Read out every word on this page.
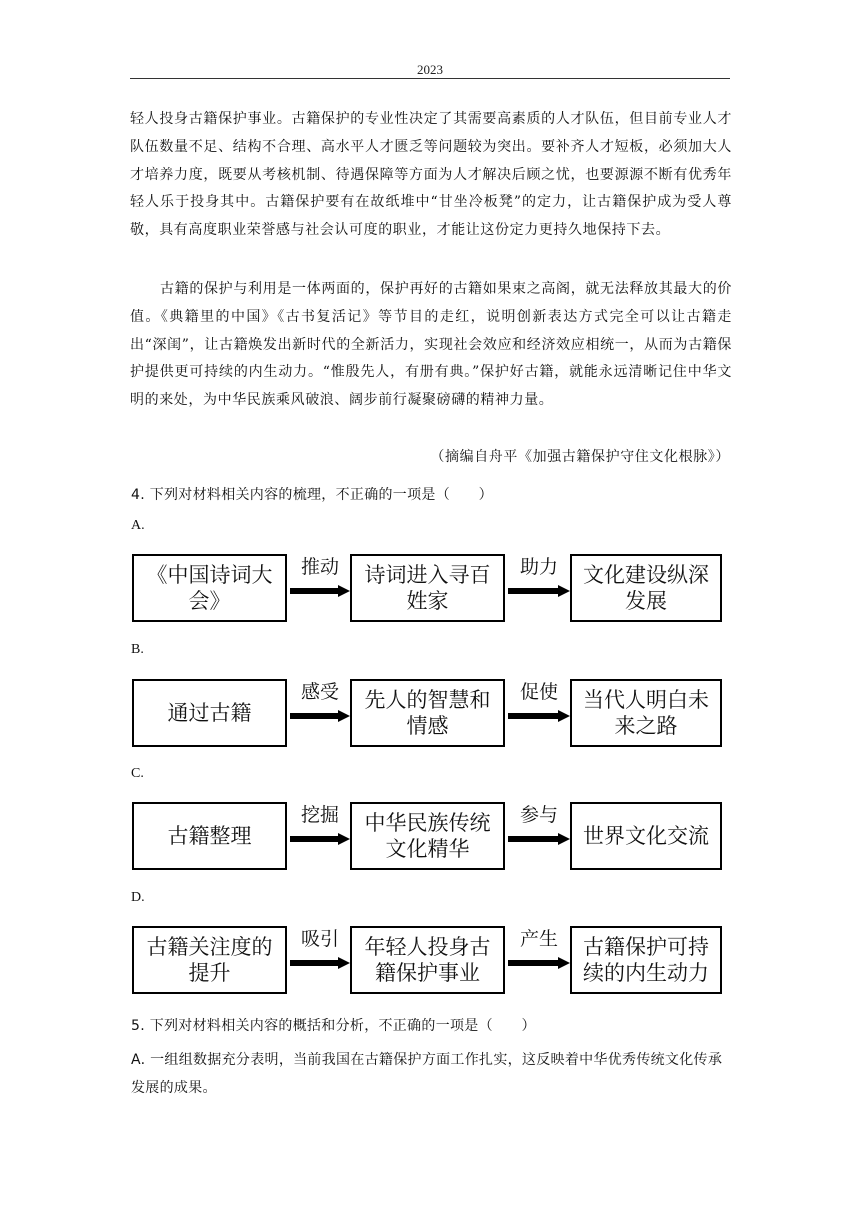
2023

轻人投身古籍保护事业。古籍保护的专业性决定了其需要高素质的人才队伍，但目前专业人才队伍数量不足、结构不合理、高水平人才匮乏等问题较为突出。要补齐人才短板，必须加大人才培养力度，既要从考核机制、待遇保障等方面为人才解决后顾之忧，也要源源不断有优秀年轻人乐于投身其中。古籍保护要有在故纸堆中“甘坐冷板凳”的定力，让古籍保护成为受人尊敬，具有高度职业荣誉感与社会认可度的职业，才能让这份定力更持久地保持下去。

古籍的保护与利用是一体两面的，保护再好的古籍如果束之高阁，就无法释放其最大的价值。《典籍里的中国》《古书复活记》等节目的走红，说明创新表达方式完全可以让古籍走出“深闺”，让古籍焕发出新时代的全新活力，实现社会效应和经济效应相统一，从而为古籍保护提供更可持续的内生动力。“惟殷先人，有册有典。”保护好古籍，就能永远清晰记住中华文明的来处，为中华民族乘风破浪、阔步前行凝聚磅礴的精神力量。

（摘编自舟平《加强古籍保护守住文化根脉》）
4. 下列对材料相关内容的梳理，不正确的一项是（　　）
A.
《中国诗词大会》
推动	诗词进入寻百姓家
助力	文化建设纵深发展
B.
通过古籍
感受	先人的智慧和情感
促使	当代人明白未来之路
C.
古籍整理
挖掘	中华民族传统文化精华
参与
世界文化交流
D.
古籍关注度的提升
吸引	年轻人投身古籍保护事业
产生	古籍保护可持续的内生动力
5. 下列对材料相关内容的概括和分析，不正确的一项是（　　）

A. 一组组数据充分表明，当前我国在古籍保护方面工作扎实，这反映着中华优秀传统文化传承发展的成果。
